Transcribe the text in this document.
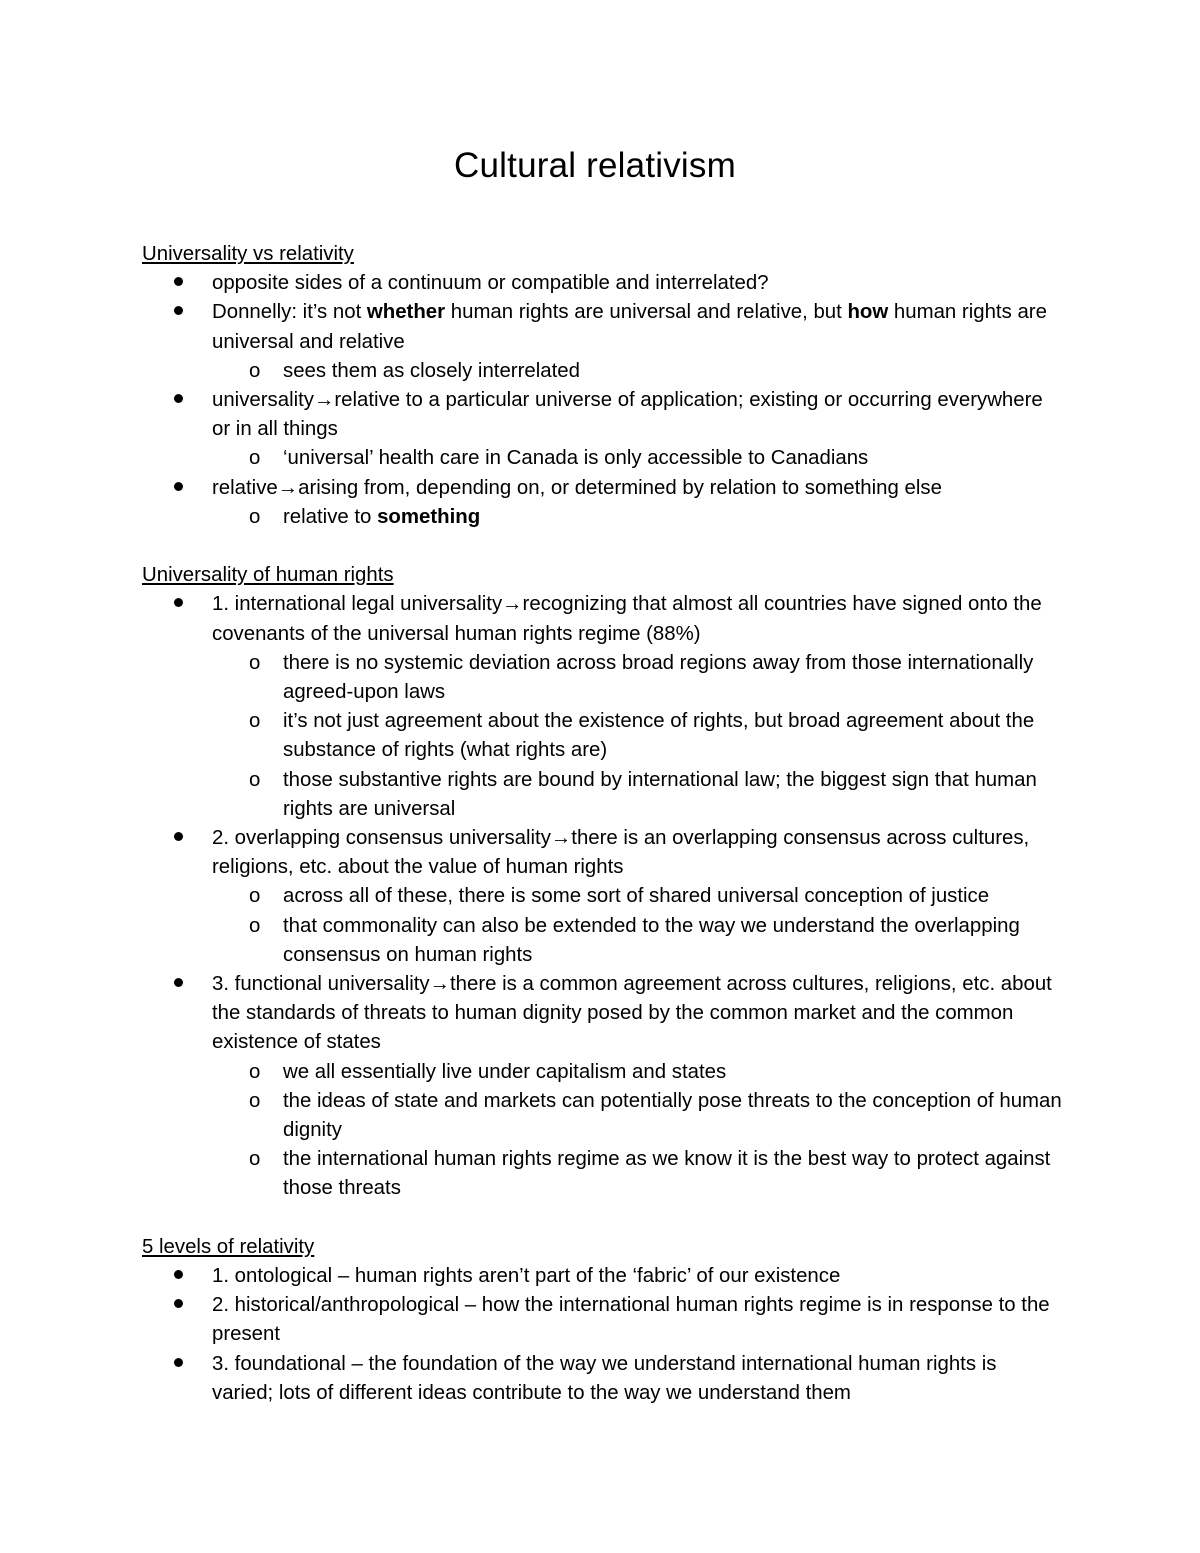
Cultural relativism
Universality vs relativity
opposite sides of a continuum or compatible and interrelated?
Donnelly: it’s not whether human rights are universal and relative, but how human rights are universal and relative
o sees them as closely interrelated
universality→relative to a particular universe of application; existing or occurring everywhere or in all things
o ‘universal’ health care in Canada is only accessible to Canadians
relative→arising from, depending on, or determined by relation to something else
o relative to something
Universality of human rights
1. international legal universality→recognizing that almost all countries have signed onto the covenants of the universal human rights regime (88%)
o there is no systemic deviation across broad regions away from those internationally agreed-upon laws
o it’s not just agreement about the existence of rights, but broad agreement about the substance of rights (what rights are)
o those substantive rights are bound by international law; the biggest sign that human rights are universal
2. overlapping consensus universality→there is an overlapping consensus across cultures, religions, etc. about the value of human rights
o across all of these, there is some sort of shared universal conception of justice
o that commonality can also be extended to the way we understand the overlapping consensus on human rights
3. functional universality→there is a common agreement across cultures, religions, etc. about the standards of threats to human dignity posed by the common market and the common existence of states
o we all essentially live under capitalism and states
o the ideas of state and markets can potentially pose threats to the conception of human dignity
o the international human rights regime as we know it is the best way to protect against those threats
5 levels of relativity
1. ontological – human rights aren’t part of the ‘fabric’ of our existence
2. historical/anthropological – how the international human rights regime is in response to the present
3. foundational – the foundation of the way we understand international human rights is varied; lots of different ideas contribute to the way we understand them
